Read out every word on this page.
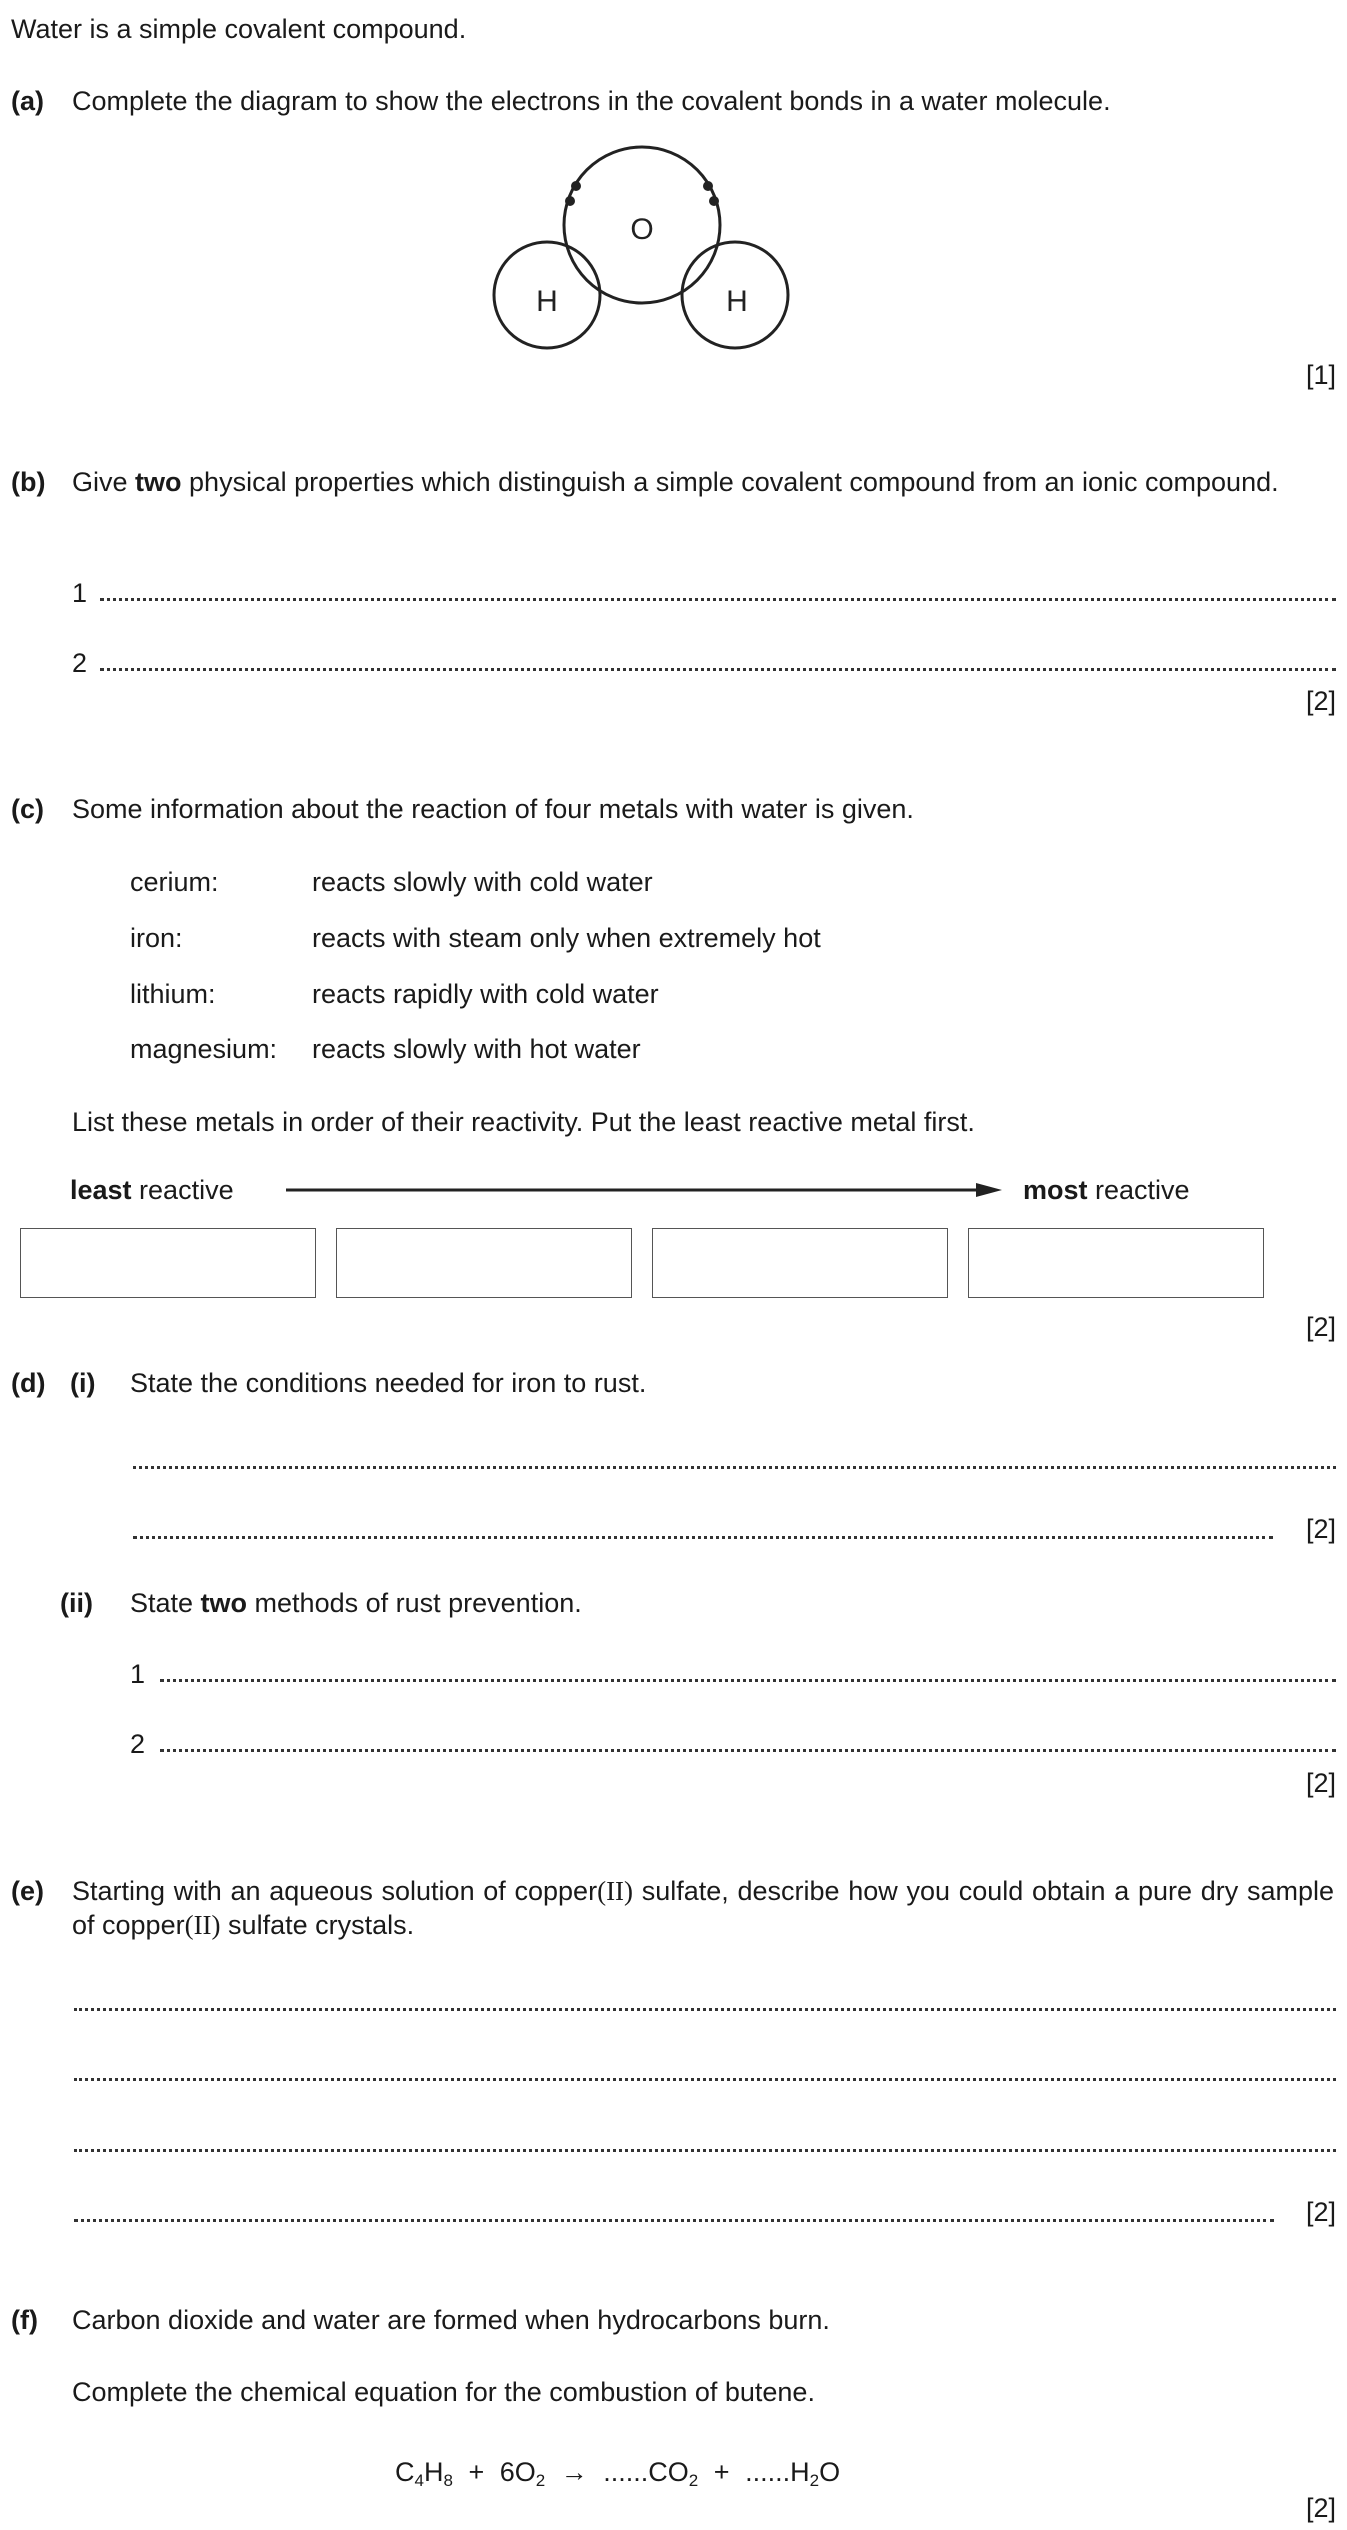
Water is a simple covalent compound.
(a) Complete the diagram to show the electrons in the covalent bonds in a water molecule.
O
H	H
[1]
(b) Give two physical properties which distinguish a simple covalent compound from an ionic compound.
1
2
[2]
(c) Some information about the reaction of four metals with water is given.
cerium:	reacts slowly with cold water
iron:	reacts with steam only when extremely hot
lithium:	reacts rapidly with cold water
magnesium: reacts slowly with hot water
List these metals in order of their reactivity. Put the least reactive metal first.
least reactive	most reactive
[2]
(d) (i) State the conditions needed for iron to rust.
[2]
(ii) State two methods of rust prevention.
1
2
[2]
(e) Starting with an aqueous solution of copper(II) sulfate, describe how you could obtain a pure dry sample of copper(II) sulfate crystals.
[2]
(f) Carbon dioxide and water are formed when hydrocarbons burn.
Complete the chemical equation for the combustion of butene.
$C_4H_8 + 6O_2 \to ......CO_2 + ......H_2O$
[2]
